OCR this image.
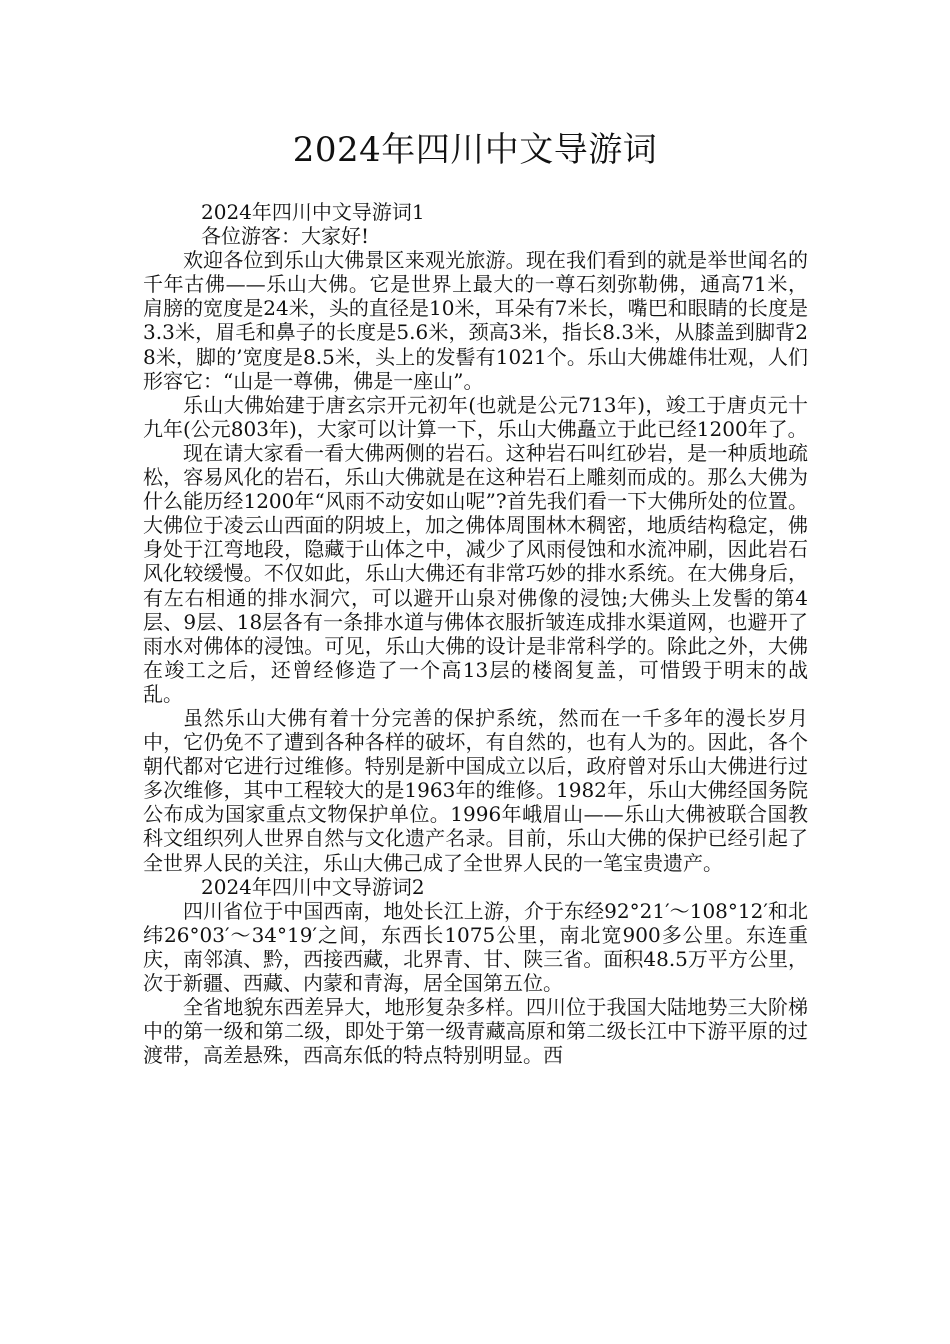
2024年四川中文导游词

2024年四川中文导游词1

各位游客：大家好!

欢迎各位到乐山大佛景区来观光旅游。现在我们看到的就是举世闻名的千年古佛——乐山大佛。它是世界上最大的一尊石刻弥勒佛，通高71米，肩膀的宽度是24米，头的直径是10米，耳朵有7米长，嘴巴和眼睛的长度是3.3米，眉毛和鼻子的长度是5.6米，颈高3米，指长8.3米，从膝盖到脚背28米，脚的’宽度是8.5米，头上的发髻有1021个。乐山大佛雄伟壮观，人们形容它：“山是一尊佛，佛是一座山”。

乐山大佛始建于唐玄宗开元初年(也就是公元713年)，竣工于唐贞元十九年(公元803年)，大家可以计算一下，乐山大佛矗立于此已经1200年了。

现在请大家看一看大佛两侧的岩石。这种岩石叫红砂岩，是一种质地疏松，容易风化的岩石，乐山大佛就是在这种岩石上雕刻而成的。那么大佛为什么能历经1200年“风雨不动安如山呢”?首先我们看一下大佛所处的位置。大佛位于凌云山西面的阴坡上，加之佛体周围林木稠密，地质结构稳定，佛身处于江弯地段，隐藏于山体之中，减少了风雨侵蚀和水流冲刷，因此岩石风化较缓慢。不仅如此，乐山大佛还有非常巧妙的排水系统。在大佛身后，有左右相通的排水洞穴，可以避开山泉对佛像的浸蚀;大佛头上发髻的第4层、9层、18层各有一条排水道与佛体衣服折皱连成排水渠道网，也避开了雨水对佛体的浸蚀。可见，乐山大佛的设计是非常科学的。除此之外，大佛在竣工之后，还曾经修造了一个高13层的楼阁复盖，可惜毁于明末的战乱。

虽然乐山大佛有着十分完善的保护系统，然而在一千多年的漫长岁月中，它仍免不了遭到各种各样的破坏，有自然的，也有人为的。因此，各个朝代都对它进行过维修。特别是新中国成立以后，政府曾对乐山大佛进行过多次维修，其中工程较大的是1963年的维修。1982年，乐山大佛经国务院公布成为国家重点文物保护单位。1996年峨眉山——乐山大佛被联合国教科文组织列人世界自然与文化遗产名录。目前，乐山大佛的保护已经引起了全世界人民的关注，乐山大佛己成了全世界人民的一笔宝贵遗产。

2024年四川中文导游词2

四川省位于中国西南，地处长江上游，介于东经92°21′～108°12′和北纬26°03′～34°19′之间，东西长1075公里，南北宽900多公里。东连重庆，南邻滇、黔，西接西藏，北界青、甘、陕三省。面积48.5万平方公里，次于新疆、西藏、内蒙和青海，居全国第五位。

全省地貌东西差异大，地形复杂多样。四川位于我国大陆地势三大阶梯中的第一级和第二级，即处于第一级青藏高原和第二级长江中下游平原的过渡带，高差悬殊，西高东低的特点特别明显。西
